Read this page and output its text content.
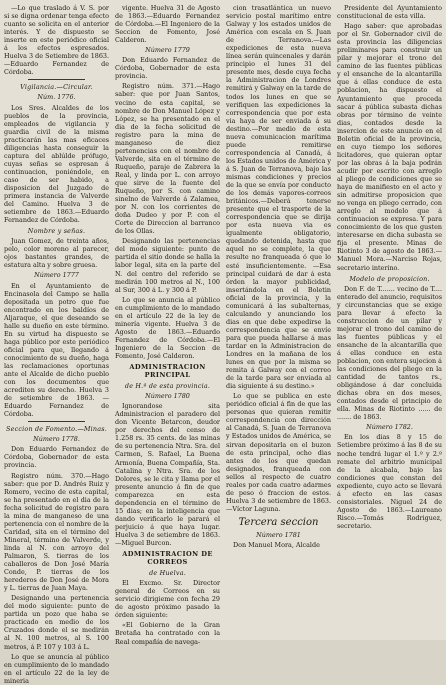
—Lo que traslado á V. S. por si se digna ordenar tenga efecto cuanto se solicita en el anterior interés. Y de dispuesto se inserte en este periódico oficial á los efectos espresados. Huelva 3 de Setiembre de 1863.—Eduardo Fernandez de Córdoba.

Vigilancia.—Circular.
Núm. 1776.

Los Sres. Alcaldes de los pueblos de la provincia, empleados de vigilancia y guardia civil de la misma practicarán las mas eficaces diligencias hasta conseguir la captura del ablúlde prófugo, cuyas señas se espresan á continuacion, poniéndole, en caso de ser habido, a disposicion del Juzgado de primera instancia de Valverde del Camino. Huelva 3 de setiembre de 1863.—Eduardo Fernandez de Córdoba.

Nombre y señas.

Juan Gomez, de treinta años, pelo, color moreno al parecer, ojos bastantes grandes, de estatura alta y sobre gruesa.

Número 1777

En el Ayuntamiento de Encinasola del Campo se halla depositada un potro que fue encontrado en los baldíos de Aljaraque, el que deseando se halle su dueño en este término. En su virtud ha dispuesto se haga público por este periódico oficial para que, llegando á conocimiento de su dueño, haga las reclamaciones oportunas ante el Alcalde de dicho pueblo con los documentos que acrediten su derecho. Huelva 3 de setiembre de 1863. —Eduardo Fernandez de Córdoba.

Seccion de Fomento.—Minas.
Número 1778.

Don Eduardo Fernandez de Córdoba, Gobernador de esta provincia.

Registro núm. 370.—Hago saber: que por D. Andrés Ruiz y Romero, vecino de esta capital, se ha presentado en el dia de la fecha solicitud de registro para la mina de manganeso de una pertenencia con el nombre de la Caridad, sita en el término del Mineral, término de Valverde, y linda al N. con arroyo del Palmaron, S. tierras de los caballeros de Don José María Conde, P. tierras de los herederos de Don José de Mora y L. tierras de Juan Maya.

Designando una pertenencia del modo siguiente: punto de partida un pozo que haba se practicado en medio de los Cruzados donde el se medirán al N. 100 metros, al S. 100 metros, á P. 107 y 103 á L.

Lo que se anuncia al público en cumplimiento de lo mandado en el artículo 22 de la ley de mineria

vigente. Huelva 31 de Agosto de 1863.—Eduardo Fernandez de Córdoba.—El Ingeniero de la Seccion de Fomento, José Calderon.

Número 1779

Don Eduardo Fernandez de Córdoba, Gobernador de esta provincia.

Registro núm. 371.—Hago saber: que por Juan Santos, vecino de esta capital, se nombre de Don Manuel López y López, se ha presentado en el dia de la fecha solicitud de registro para la mina de manganeso de diez pertenencias con el nombre de Valverde, sita en el término de Ruqueño, paraje de Zabrera la Real, y linda por L. con arroyo que sirve de la fuente del Ruqueño, por S. con camino sinelno de Valverde á Zalamea, por N. con los corrientes de doña Dudeo y por P. con el Corte de Direccion al barranco de los Ollas.

Designando las pertenencias del modo siguiente: punto de partida el sitio donde se halla la labor legal, sita en la parte del N. del centro del referido se medirán 100 metros al N., 100 al Sur, 300 á L. y 300 á P.

Lo que se anuncia al público en cumplimiento de lo mandado en el artículo 22 de la ley de minería vigente. Huelva 3 de Agosto de 1863.—Eduardo Fernandez de Córdoba.—El Ingeniero de la Seccion de Fomento, José Calderon.

ADMINISTRACION PRINCIPAL
de H.ª de esta provincia.
Número 1780

Ignorandose sita Administracion el paradero del don Vicente Betarcon, deudor por derechos del censo de 1.258 rs. 35 cents. de las minas de su pertenencia Ntra. Sra. del Carmen, S. Rafael, La Buena Armonía, Buena Compañía, Sta. Catalina y Ntra. Sra. de los Dolores, se le cita y llama por el presente anuncio á fin de que comparezca en esta dependencia en el término de 15 dias; en la inteligencia que dando verificarlo le parará el perjuicio á que haya lugar. Huelva 3 de setiembre de 1863.—Miguel Burcon.

ADMINISTRACION DE CORREOS
de Huelva.

El Excmo. Sr. Director general de Correos en su servicio dirigieme con fecha 29 de agosto próximo pasado la órden siguiente:

«El Gobierno de la Gran Bretaña ha contratado con la Real compañía de navega-

cion trasatlántica un nuevo servicio postal marítimo entre Galway y los estados unidos de América con escala en S. Juan de Terranova.—Las expediciones de esta nueva línea serán quincenales y darán principio el lunes 31 del presente mes, desde cuya fecha la Administracion de Londres remitirá y Galway en la tarde de todos los lunes en que se verifiquen las expediciones la correspondencia que por esta via haya de ser enviada á su destino.—Por medio de esta nueva comunicacion marítima puede remitirse correspondencia al Canadá, á los Estados unidos de América y á S. Juan de Terranova, bajo las mismas condiciones y precios de la que se envía por conducto de los demás vapores-correos británicos.—Deberá tenerse presente que el trasporte de la correspondencia que se dirija por esta nueva via es igualmente obligatorio, quedando detenida, hasta que aquel no se complete, la que resulte no franqueada ó que lo esté insuficientemente. —Esa principal cuidará de dar á esta órden la mayor publicidad, insertándola en el Boletin oficial de la provincia, y la comunicará á las subalternas, calculando y anunciando los dias en que debe expedirse la correspondencia que se envíe para que pueda hallarse á mas tardar en la Administracion de Londres en la mañana de los lunes en que por la misma se remita á Galway con el correo de la tarde para ser enviada al dia siguiente á su destino.»

Lo que se publica en este periódico oficial á fin de que las personas que quieran remitir correspondencia con dirección al Canadá, S. Juan de Terranova y Estados unidos de América, se sirvan depositarla en el buzon de esta principal, ocho dias antes de los que quedan designados, franqueada con sellos al respecto de cuatro reales por cada cuatro adarmes de peso ó fraccion de estos. Huelva 3 de setiembre de 1863.—Víctor Laguna.

Tercera seccion
Número 1781

Don Manuel Mora, Alcalde

Presidente del Ayuntamiento constitucional de esta villa.

Hago saber: que aprobadas por el Sr. Gobernador civil de esta provincia las diligencias preliminares para construir un pilar y mejorar el trono del camino de las fuentes públicas y el ensanche de la alcantarilla que á ellas conduce de esta poblacion, ha dispuesto el Ayuntamiento que proceda sacar á pública subasta dichas obras por término de veinte dias, contados desde la insercion de este anuncio en el Boletin oficial de la provincia, en cuyo tiempo los señores licitadores, que quieran optar por las obras á la baja podrán acudir por escrito con arreglo al pliego de condiciones que se haya de manifiesto en el acto y sin admitirse proposicion que no venga en pliego cerrado, con arreglo al modelo que á continuacion se expresa. Y para conocimiento de los que gusten interesarse en dicha subasta se fija el presente. Minas de Riotinto 3 de agosto de 1863.—Manuel Mora.—Narciso Rojas, secretario interino.

Modelo de proposicion.

Don F. de T....... vecino de T.... enterado del anuncio, requisitos y circunstancias que se exige para llevar á efecto la construccion de un pilar y mejorar el trono del camino de las fuentes públicas y el ensanche de la alcantarilla que á ellas conduce en esta poblacion, con entera sujecion á las condiciones del pliego en la cantidad de tantos rs., obligándose á dar concluida dichas obra en dos meses, contados desde el principio de ella. Minas de Riotinto ...... de ....... de 1863.

Número 1782.

En los dias 8 y 15 de Setiembre próximo á las 8 de su noche tendrá lugar el 1.º y 2.º remate del arbitrio municipal de la alcabala, bajo las condiciones que constan del expediente, cuyo acto se llevará á efecto en las casas consistoriales. Niguel 24 de Agosto de 1863.—Laureano Risco.—Tomás Rodriguez, secretario.
